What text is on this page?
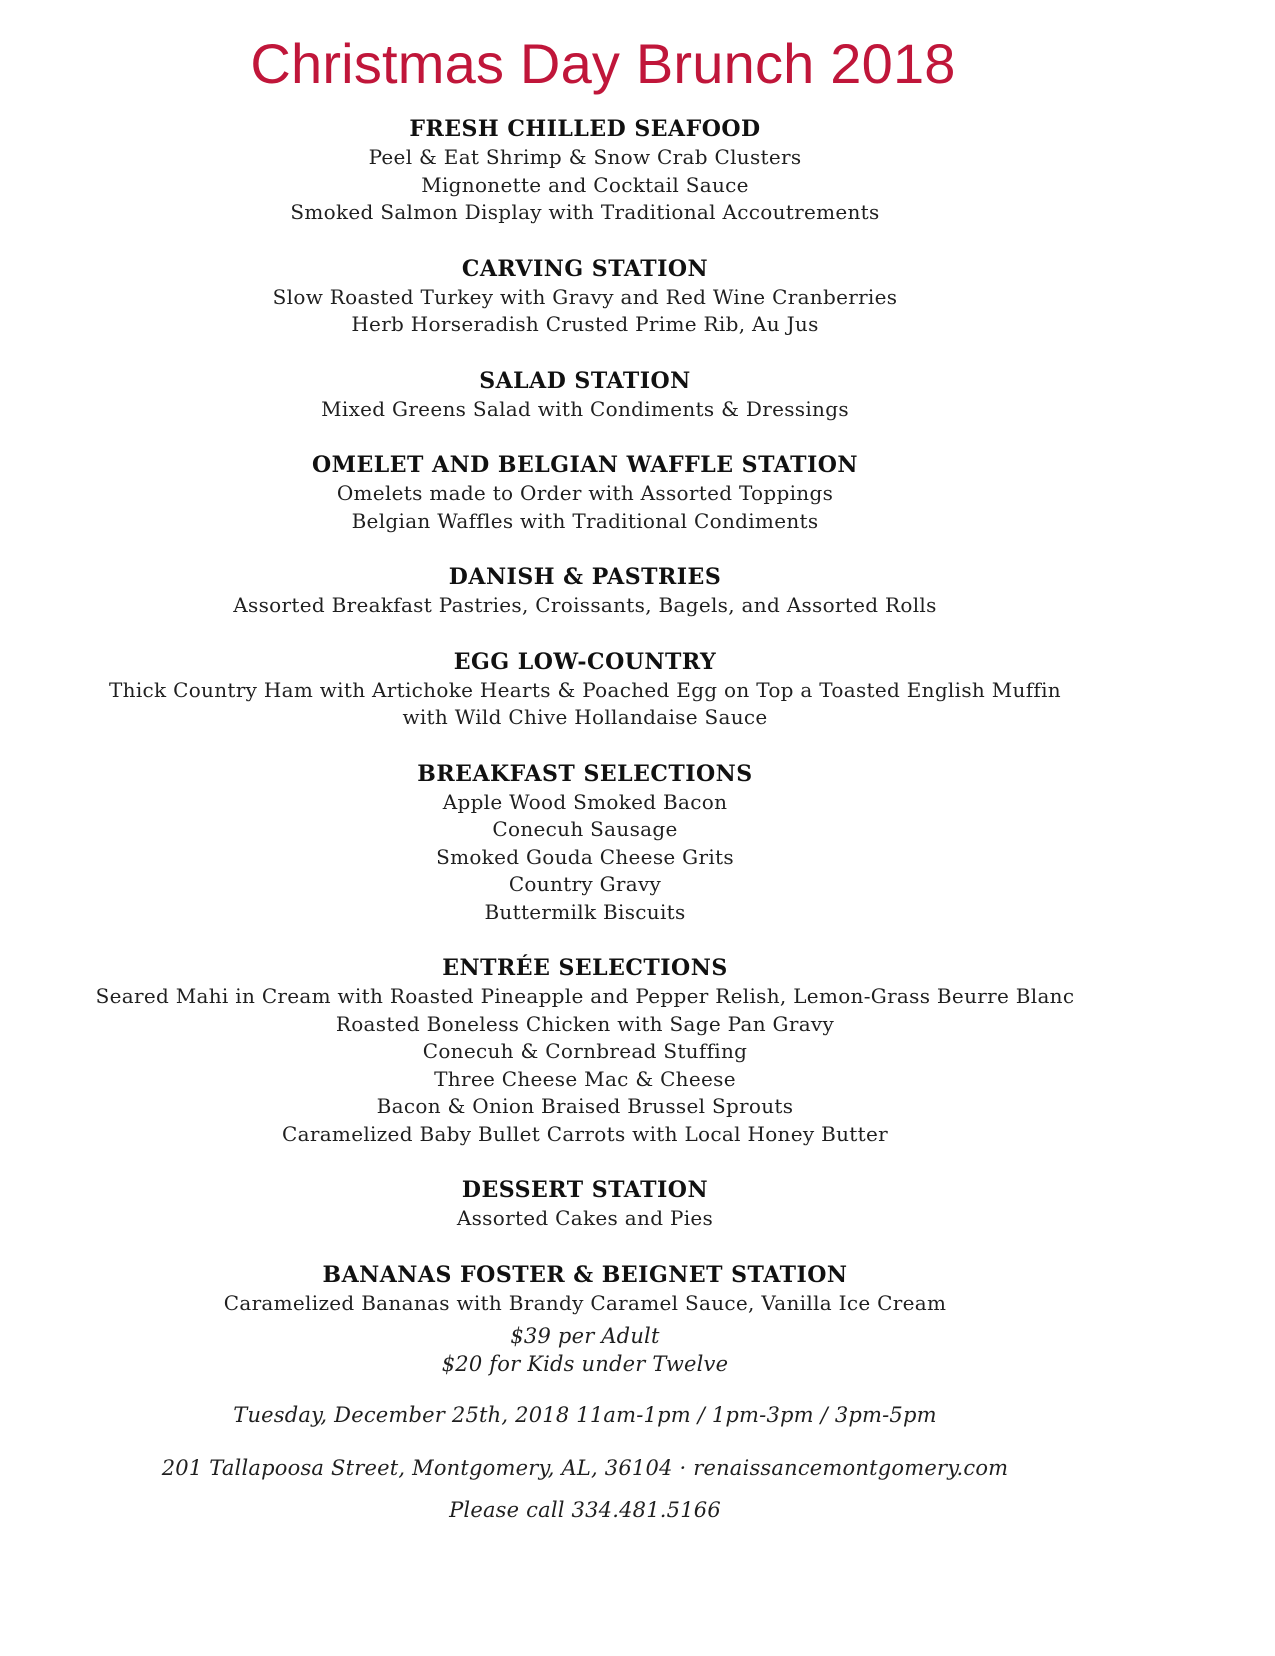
Christmas Day Brunch 2018
FRESH CHILLED SEAFOOD
Peel & Eat Shrimp & Snow Crab Clusters
Mignonette and Cocktail Sauce
Smoked Salmon Display with Traditional Accoutrements
CARVING STATION
Slow Roasted Turkey with Gravy and Red Wine Cranberries
Herb Horseradish Crusted Prime Rib, Au Jus
SALAD STATION
Mixed Greens Salad with Condiments & Dressings
OMELET AND BELGIAN WAFFLE STATION
Omelets made to Order with Assorted Toppings
Belgian Waffles with Traditional Condiments
DANISH & PASTRIES
Assorted Breakfast Pastries, Croissants, Bagels, and Assorted Rolls
EGG LOW-COUNTRY
Thick Country Ham with Artichoke Hearts & Poached Egg on Top a Toasted English Muffin
with Wild Chive Hollandaise Sauce
BREAKFAST SELECTIONS
Apple Wood Smoked Bacon
Conecuh Sausage
Smoked Gouda Cheese Grits
Country Gravy
Buttermilk Biscuits
ENTRÉE SELECTIONS
Seared Mahi in Cream with Roasted Pineapple and Pepper Relish, Lemon-Grass Beurre Blanc
Roasted Boneless Chicken with Sage Pan Gravy
Conecuh & Cornbread Stuffing
Three Cheese Mac & Cheese
Bacon & Onion Braised Brussel Sprouts
Caramelized Baby Bullet Carrots with Local Honey Butter
DESSERT STATION
Assorted Cakes and Pies
BANANAS FOSTER & BEIGNET STATION
Caramelized Bananas with Brandy Caramel Sauce, Vanilla Ice Cream
$39 per Adult
$20 for Kids under Twelve
Tuesday, December 25th, 2018 11am-1pm / 1pm-3pm / 3pm-5pm
201 Tallapoosa Street, Montgomery, AL, 36104 · renaissancemontgomery.com
Please call 334.481.5166
